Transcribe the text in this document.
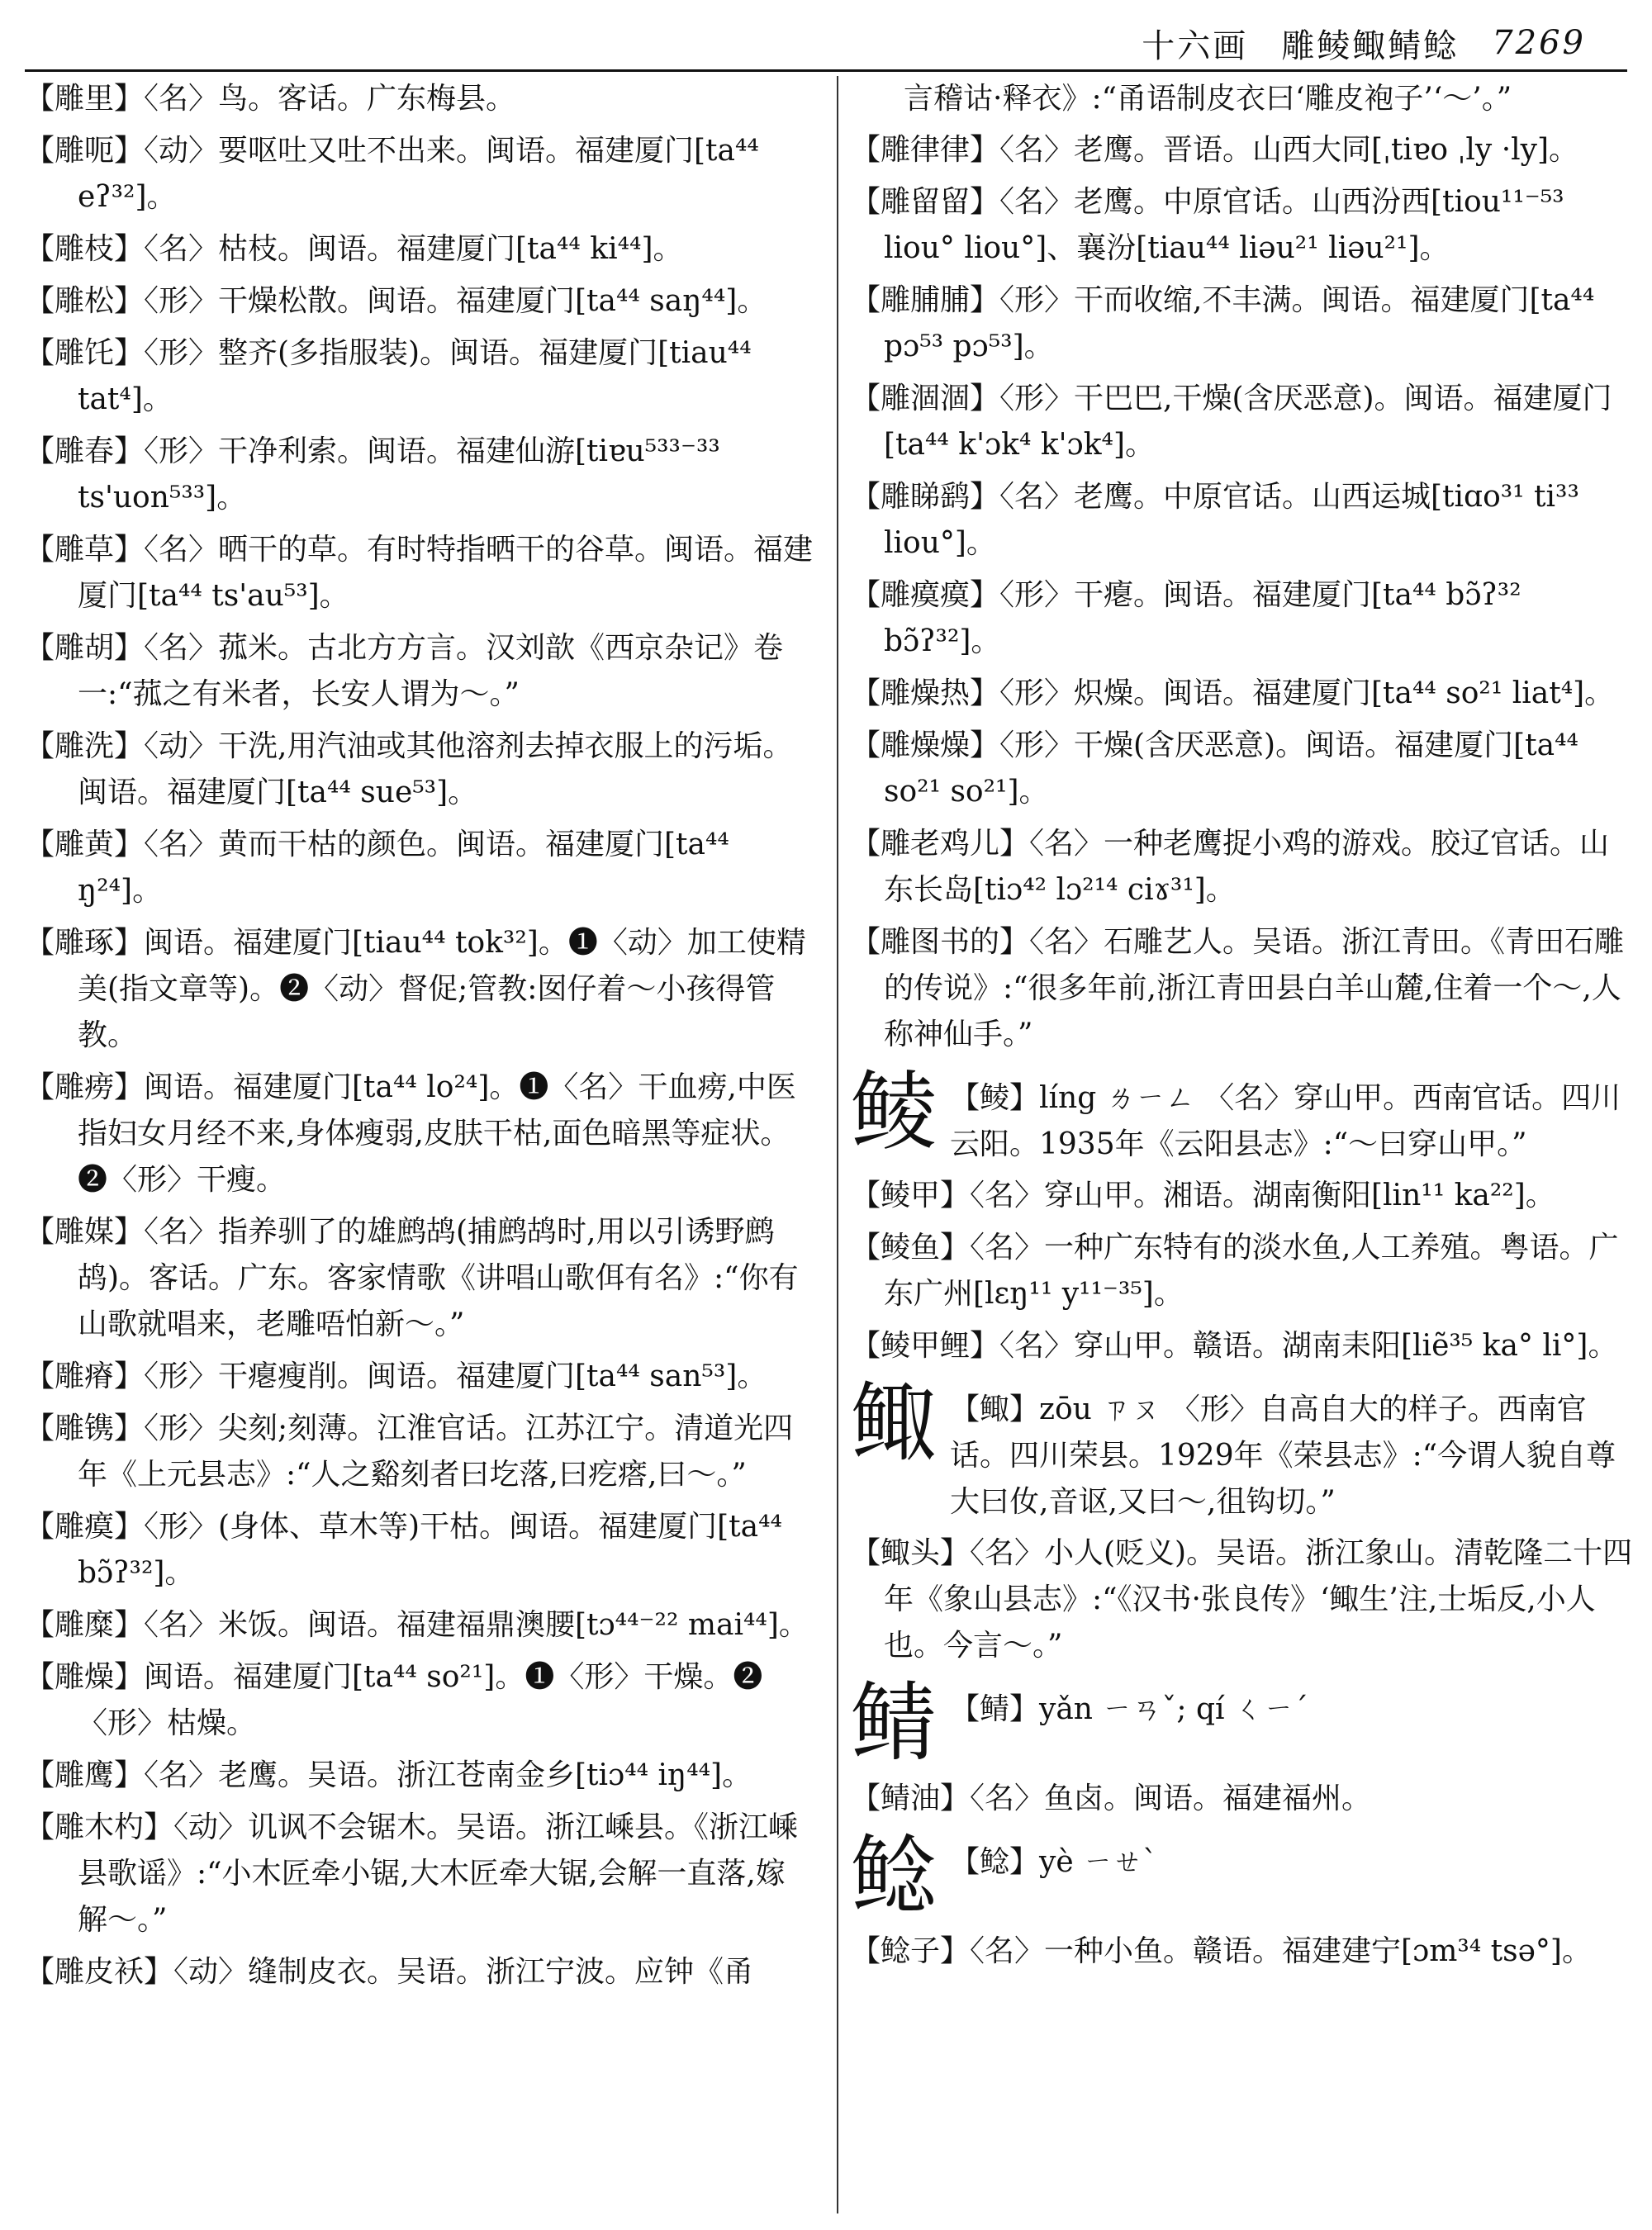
十六画 雕鲮鲰鲭鲶 7269

【雕里】〈名〉鸟。客话。广东梅县。

【雕呃】〈动〉要呕吐又吐不出来。闽语。福建厦门[ta⁴⁴ eʔ³²]。

【雕枝】〈名〉枯枝。闽语。福建厦门[ta⁴⁴ ki⁴⁴]。

【雕松】〈形〉干燥松散。闽语。福建厦门[ta⁴⁴ saŋ⁴⁴]。

【雕饦】〈形〉整齐(多指服装)。闽语。福建厦门[tiau⁴⁴ tat⁴]。

【雕春】〈形〉干净利索。闽语。福建仙游[tiɐu⁵³³⁻³³ ts'uon⁵³³]。

【雕草】〈名〉晒干的草。有时特指晒干的谷草。闽语。福建厦门[ta⁴⁴ ts'au⁵³]。

【雕胡】〈名〉菰米。古北方方言。汉刘歆《西京杂记》卷一:“菰之有米者，长安人谓为～。”

【雕洗】〈动〉干洗,用汽油或其他溶剂去掉衣服上的污垢。闽语。福建厦门[ta⁴⁴ sue⁵³]。

【雕黄】〈名〉黄而干枯的颜色。闽语。福建厦门[ta⁴⁴ ŋ²⁴]。

【雕琢】闽语。福建厦门[tiau⁴⁴ tok³²]。❶〈动〉加工使精美(指文章等)。❷〈动〉督促;管教:囡仔着～小孩得管教。

【雕痨】闽语。福建厦门[ta⁴⁴ lo²⁴]。❶〈名〉干血痨,中医指妇女月经不来,身体瘦弱,皮肤干枯,面色暗黑等症状。❷〈形〉干瘦。

【雕媒】〈名〉指养驯了的雄鹧鸪(捕鹧鸪时,用以引诱野鹧鸪)。客话。广东。客家情歌《讲唱山歌佴有名》:“你有山歌就唱来，老雕唔怕新～。”

【雕瘠】〈形〉干瘪瘦削。闽语。福建厦门[ta⁴⁴ san⁵³]。

【雕镌】〈形〉尖刻;刻薄。江淮官话。江苏江宁。清道光四年《上元县志》:“人之谿刻者曰圪落,曰疙瘩,曰～。”

【雕瘼】〈形〉(身体、草木等)干枯。闽语。福建厦门[ta⁴⁴ bɔ̃ʔ³²]。

【雕糜】〈名〉米饭。闽语。福建福鼎澳腰[tɔ⁴⁴⁻²² mai⁴⁴]。

【雕燥】闽语。福建厦门[ta⁴⁴ so²¹]。❶〈形〉干燥。❷〈形〉枯燥。

【雕鹰】〈名〉老鹰。吴语。浙江苍南金乡[tiɔ⁴⁴ iŋ⁴⁴]。

【雕木杓】〈动〉讥讽不会锯木。吴语。浙江嵊县。《浙江嵊县歌谣》:“小木匠牵小锯,大木匠牵大锯,会解一直落,嫁解～。”

【雕皮袄】〈动〉缝制皮衣。吴语。浙江宁波。应钟《甬

言稽诂·释衣》:“甬语制皮衣曰‘雕皮袍子’‘～’。”

【雕律律】〈名〉老鹰。晋语。山西大同[ˌtiɐo ˌly ·ly]。

【雕留留】〈名〉老鹰。中原官话。山西汾西[tiou¹¹⁻⁵³ liou° liou°]、襄汾[tiau⁴⁴ liəu²¹ liəu²¹]。

【雕脯脯】〈形〉干而收缩,不丰满。闽语。福建厦门[ta⁴⁴ pɔ⁵³ pɔ⁵³]。

【雕涸涸】〈形〉干巴巴,干燥(含厌恶意)。闽语。福建厦门[ta⁴⁴ k'ɔk⁴ k'ɔk⁴]。

【雕睇鹞】〈名〉老鹰。中原官话。山西运城[tiɑo³¹ ti³³ liou°]。

【雕瘼瘼】〈形〉干瘪。闽语。福建厦门[ta⁴⁴ bɔ̃ʔ³² bɔ̃ʔ³²]。

【雕燥热】〈形〉炽燥。闽语。福建厦门[ta⁴⁴ so²¹ liat⁴]。

【雕燥燥】〈形〉干燥(含厌恶意)。闽语。福建厦门[ta⁴⁴ so²¹ so²¹]。

【雕老鸡儿】〈名〉一种老鹰捉小鸡的游戏。胶辽官话。山东长岛[tiɔ⁴² lɔ²¹⁴ ciɤ³¹]。

【雕图书的】〈名〉石雕艺人。吴语。浙江青田。《青田石雕的传说》:“很多年前,浙江青田县白羊山麓,住着一个～,人称神仙手。”

鲮 【鲮】líng ㄌㄧㄥ 〈名〉穿山甲。西南官话。四川云阳。1935年《云阳县志》:“～曰穿山甲。”

【鲮甲】〈名〉穿山甲。湘语。湖南衡阳[lin¹¹ ka²²]。

【鲮鱼】〈名〉一种广东特有的淡水鱼,人工养殖。粤语。广东广州[lɛŋ¹¹ y¹¹⁻³⁵]。

【鲮甲鲤】〈名〉穿山甲。赣语。湖南耒阳[liẽ³⁵ ka° li°]。

鲰 【鲰】zōu ㄗㄡ 〈形〉自高自大的样子。西南官话。四川荣县。1929年《荣县志》:“今谓人貌自尊大曰㚢,音讴,又曰～,徂钩切。”

【鲰头】〈名〉小人(贬义)。吴语。浙江象山。清乾隆二十四年《象山县志》:“《汉书·张良传》‘鲰生’注,士垢反,小人也。今言～。”

鲭 【鲭】yǎn ㄧㄢˇ; qí ㄑㄧˊ

【鲭油】〈名〉鱼卤。闽语。福建福州。

鲶 【鲶】yè ㄧㄝˋ

【鲶子】〈名〉一种小鱼。赣语。福建建宁[ɔm³⁴ tsə°]。
